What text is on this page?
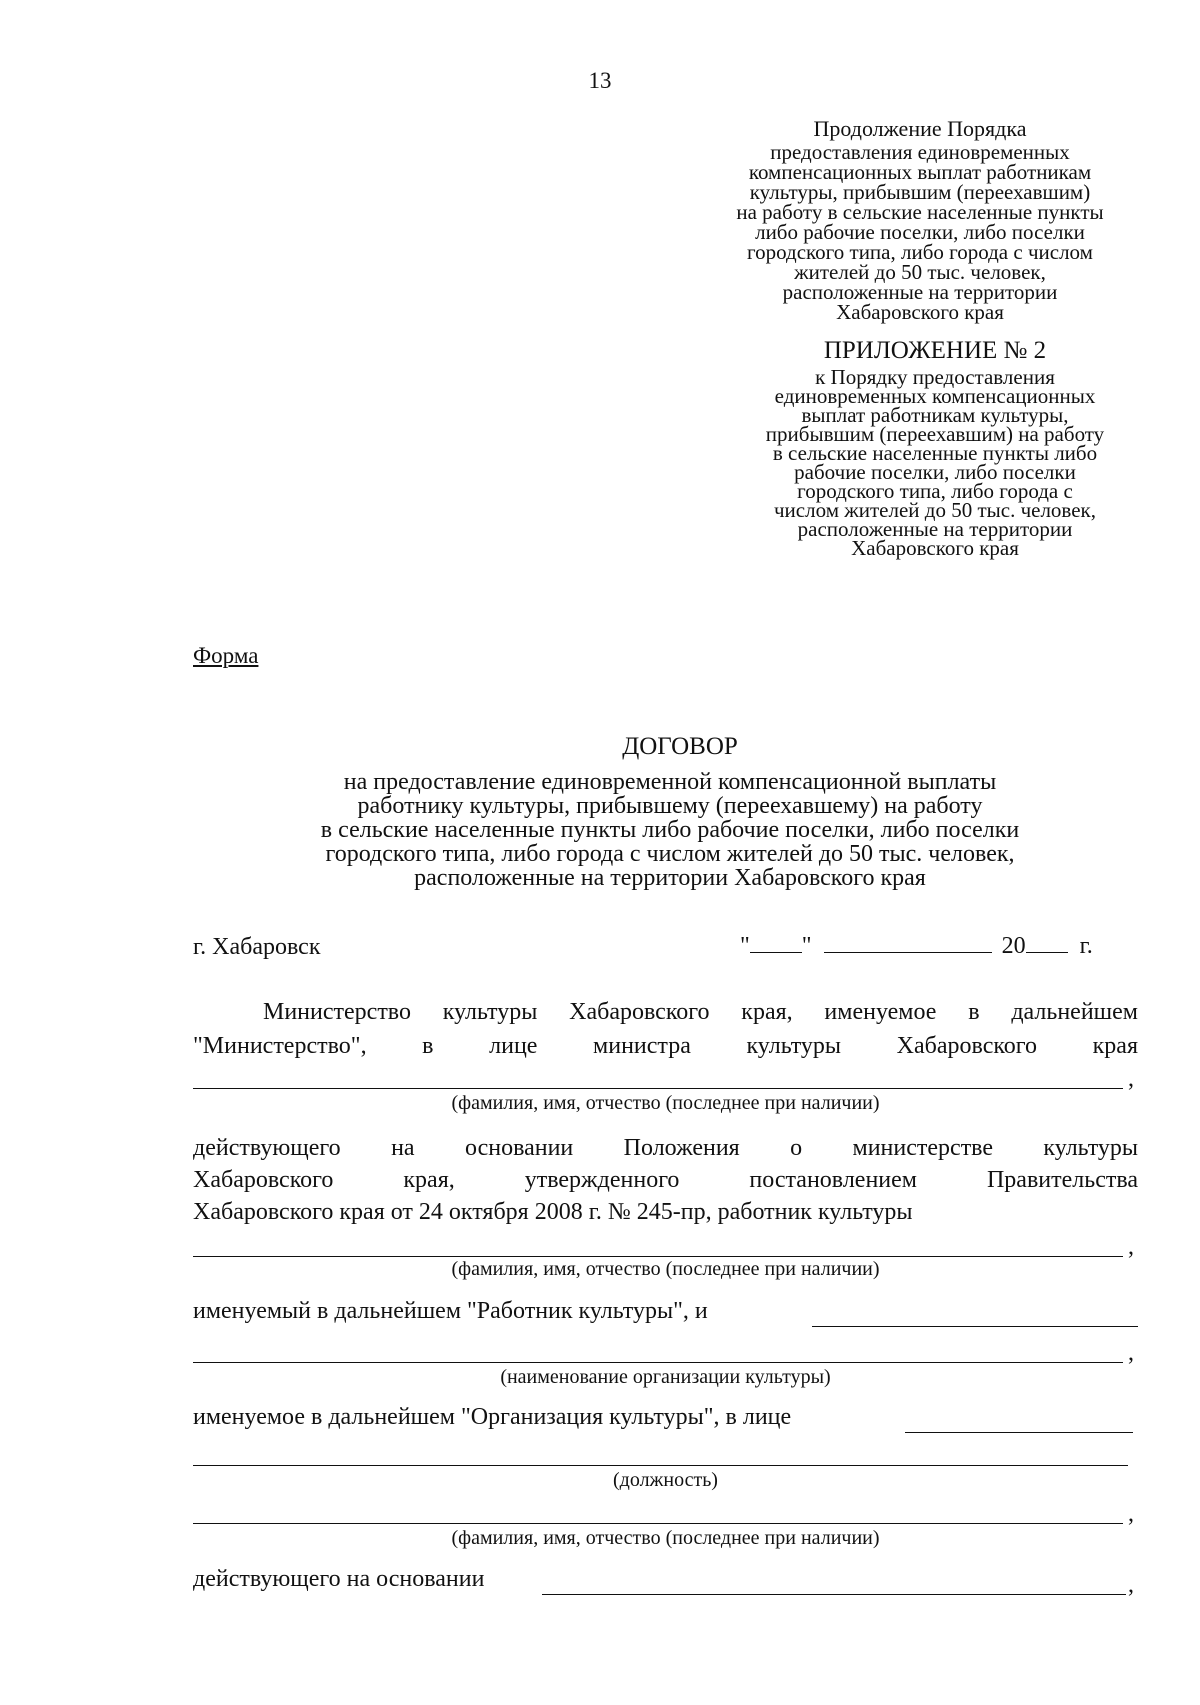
13
Продолжение Порядка
предоставления единовременных
компенсационных выплат работникам
культуры, прибывшим (переехавшим)
на работу в сельские населенные пункты
либо рабочие поселки, либо поселки
городского типа, либо города с числом
жителей до 50 тыс. человек,
расположенные на территории
Хабаровского края
ПРИЛОЖЕНИЕ № 2
к Порядку предоставления
единовременных компенсационных
выплат работникам культуры,
прибывшим (переехавшим) на работу
в сельские населенные пункты либо
рабочие поселки, либо поселки
городского типа, либо города с
числом жителей до 50 тыс. человек,
расположенные на территории
Хабаровского края
Форма
ДОГОВОР
на предоставление единовременной компенсационной выплаты
работнику культуры, прибывшему (переехавшему) на работу
в сельские населенные пункты либо рабочие поселки, либо поселки
городского типа, либо города с числом жителей до 50 тыс. человек,
расположенные на территории Хабаровского края
г. Хабаровск	" "	20 г.
Министерство культуры Хабаровского края, именуемое в дальнейшем
"Министерство", в лице министра культуры Хабаровского края
,
(фамилия, имя, отчество (последнее при наличии)
действующего на основании Положения о министерстве культуры
Хабаровского края, утвержденного постановлением Правительства
Хабаровского края от 24 октября 2008 г. № 245-пр, работник культуры
,
(фамилия, имя, отчество (последнее при наличии)
именуемый в дальнейшем "Работник культуры", и
,
(наименование организации культуры)
именуемое в дальнейшем "Организация культуры", в лице
(должность)
,
(фамилия, имя, отчество (последнее при наличии)
действующего на основании	,
